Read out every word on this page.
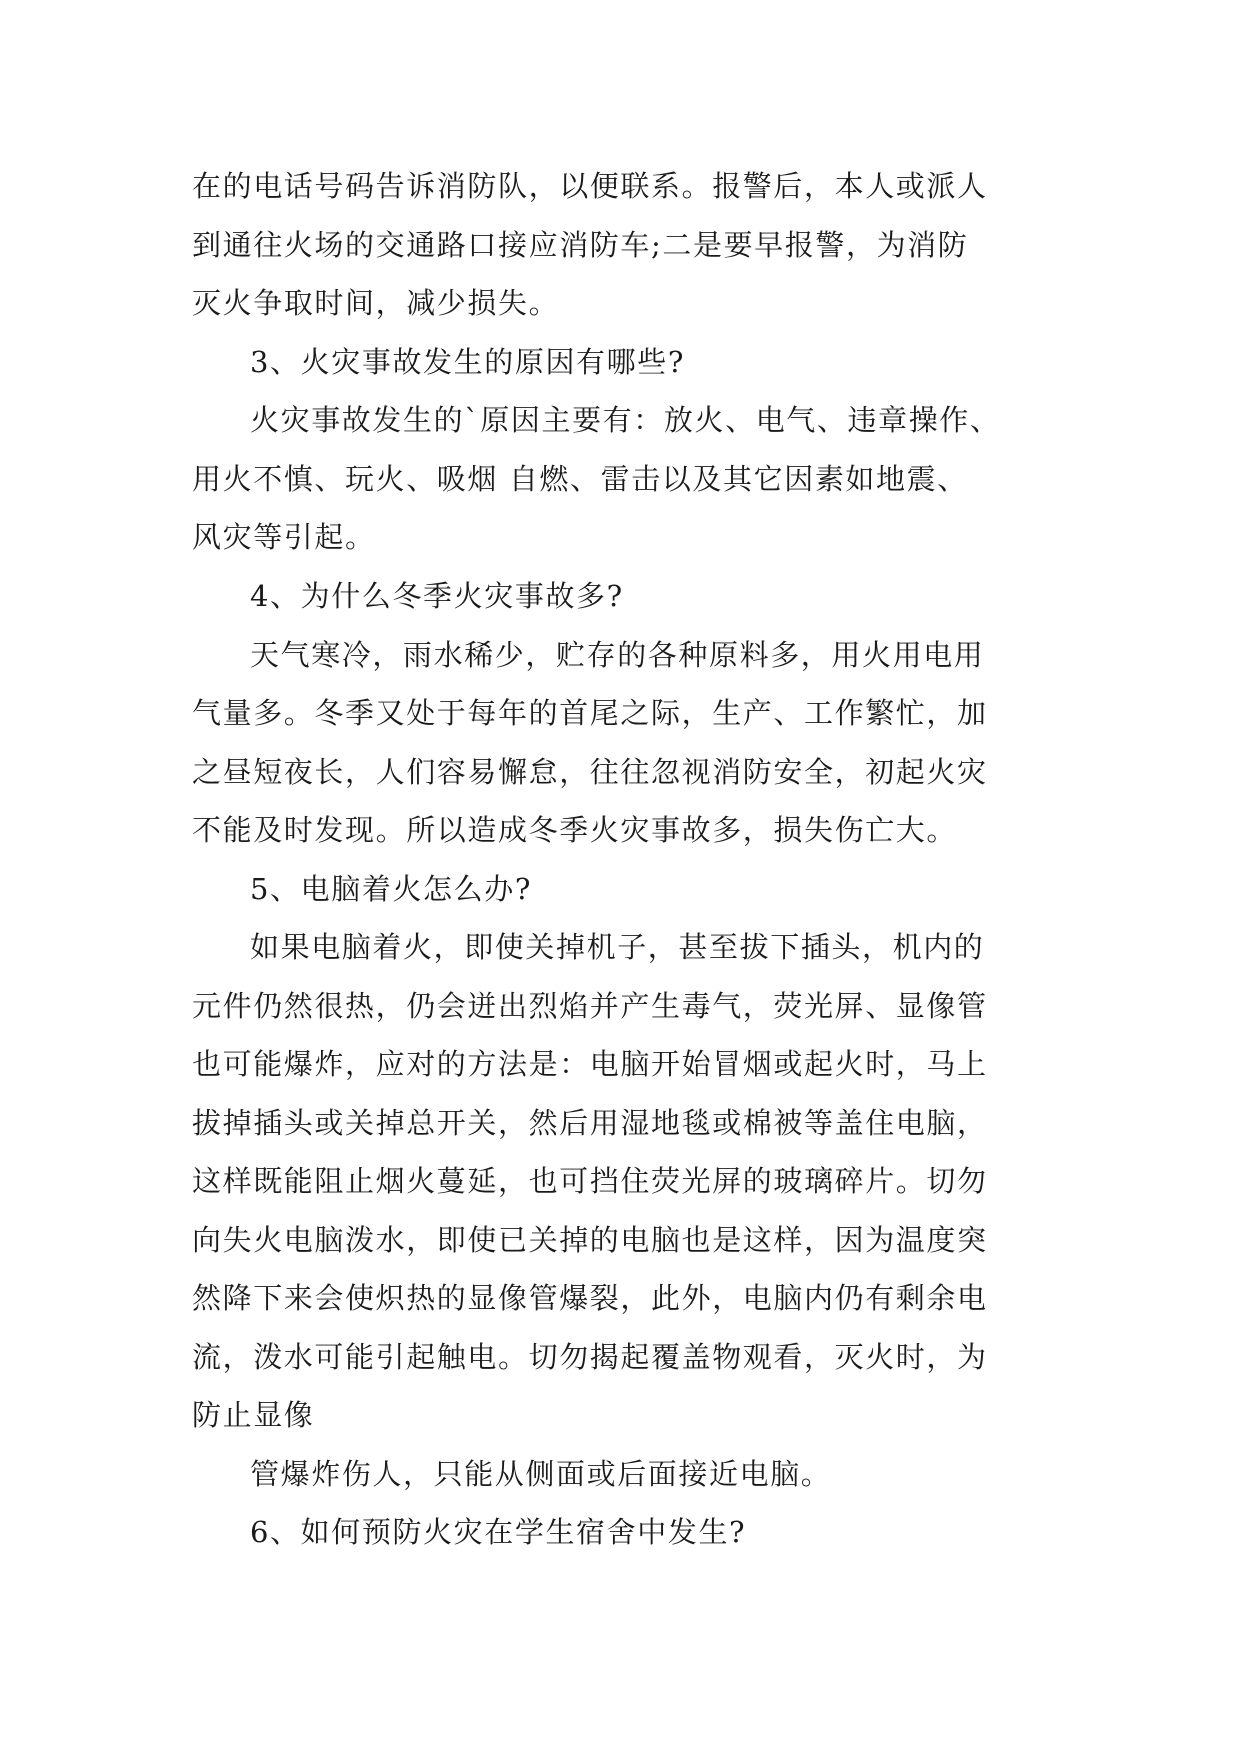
在的电话号码告诉消防队，以便联系。报警后，本人或派人
到通往火场的交通路口接应消防车;二是要早报警，为消防
灭火争取时间，减少损失。
3、火灾事故发生的原因有哪些?
火灾事故发生的`原因主要有：放火、电气、违章操作、
用火不慎、玩火、吸烟 自燃、雷击以及其它因素如地震、
风灾等引起。
4、为什么冬季火灾事故多?
天气寒冷，雨水稀少，贮存的各种原料多，用火用电用
气量多。冬季又处于每年的首尾之际，生产、工作繁忙，加
之昼短夜长，人们容易懈怠，往往忽视消防安全，初起火灾
不能及时发现。所以造成冬季火灾事故多，损失伤亡大。
5、电脑着火怎么办?
如果电脑着火，即使关掉机子，甚至拔下插头，机内的
元件仍然很热，仍会迸出烈焰并产生毒气，荧光屏、显像管
也可能爆炸，应对的方法是：电脑开始冒烟或起火时，马上
拔掉插头或关掉总开关，然后用湿地毯或棉被等盖住电脑，
这样既能阻止烟火蔓延，也可挡住荧光屏的玻璃碎片。切勿
向失火电脑泼水，即使已关掉的电脑也是这样，因为温度突
然降下来会使炽热的显像管爆裂，此外，电脑内仍有剩余电
流，泼水可能引起触电。切勿揭起覆盖物观看，灭火时，为
防止显像
管爆炸伤人，只能从侧面或后面接近电脑。
6、如何预防火灾在学生宿舍中发生?
